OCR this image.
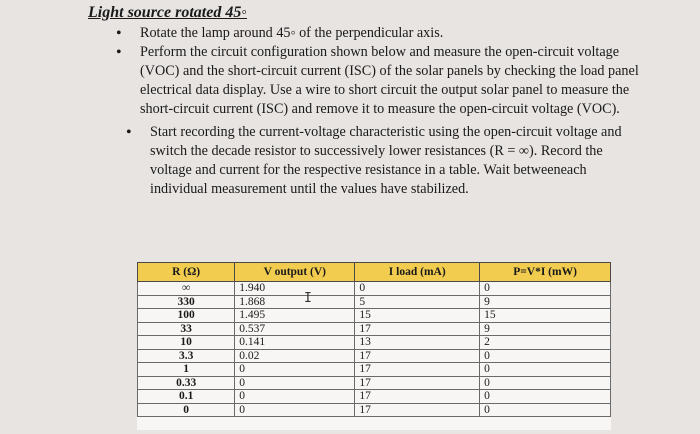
Light source rotated 45◦
• Rotate the lamp around 45◦ of the perpendicular axis.
• Perform the circuit configuration shown below and measure the open-circuit voltage (VOC) and the short-circuit current (ISC) of the solar panels by checking the load panel electrical data display. Use a wire to short circuit the output solar panel to measure the short-circuit current (ISC) and remove it to measure the open-circuit voltage (VOC).
• Start recording the current-voltage characteristic using the open-circuit voltage and switch the decade resistor to successively lower resistances (R = ∞). Record the voltage and current for the respective resistance in a table. Wait betweeneach individual measurement until the values have stabilized.
R (Ω)	V output (V)	I load (mA)	P=V*I (mW)
∞	1.940	0	0
330	1.868	5	9
100	1.495	15	15
33	0.537	17	9
10	0.141	13	2
3.3	0.02	17	0
1	0	17	0
0.33	0	17	0
0.1	0	17	0
0	0	17	0
I
